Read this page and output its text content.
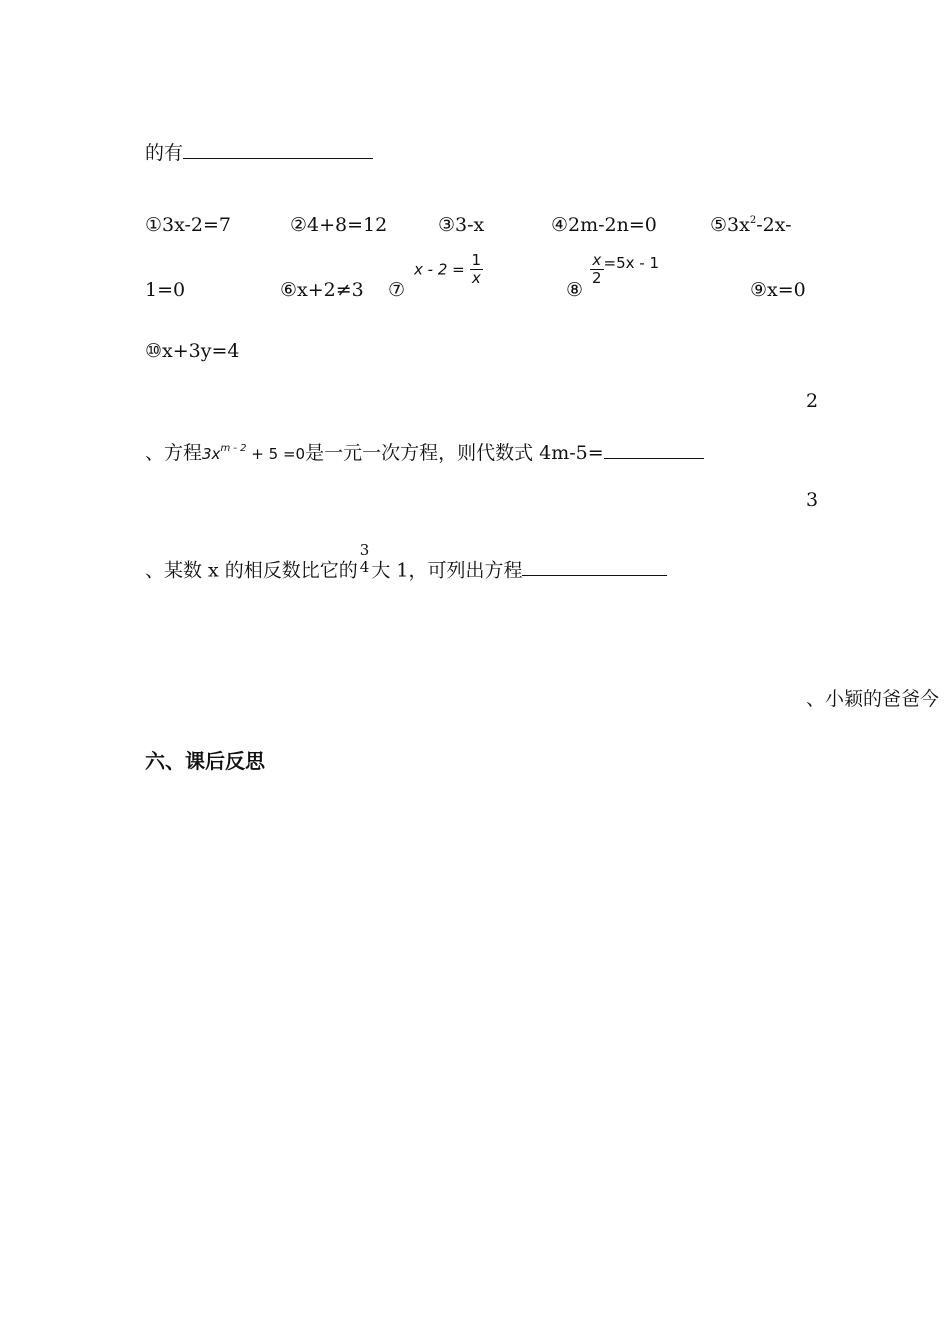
的有
①3x-2=7	②4+8=12	③3-x	④2m-2n=0	$⑤3x^2-2x-$
1=0	⑥x+2≠3 ⑦
$x - 2 = \frac{1}{x}$
⑧
$\frac{x}{2} =5x - 1$
⑨x=0
⑩x+3y=4
2
、方程$3x^{m - 2} + 5 =0$是一元一次方程，则代数式 4m-5=
3
、某数 x 的相反数比它的
3
4 大 1，可列出方程
、小颖的爸爸今
六、课后反思
